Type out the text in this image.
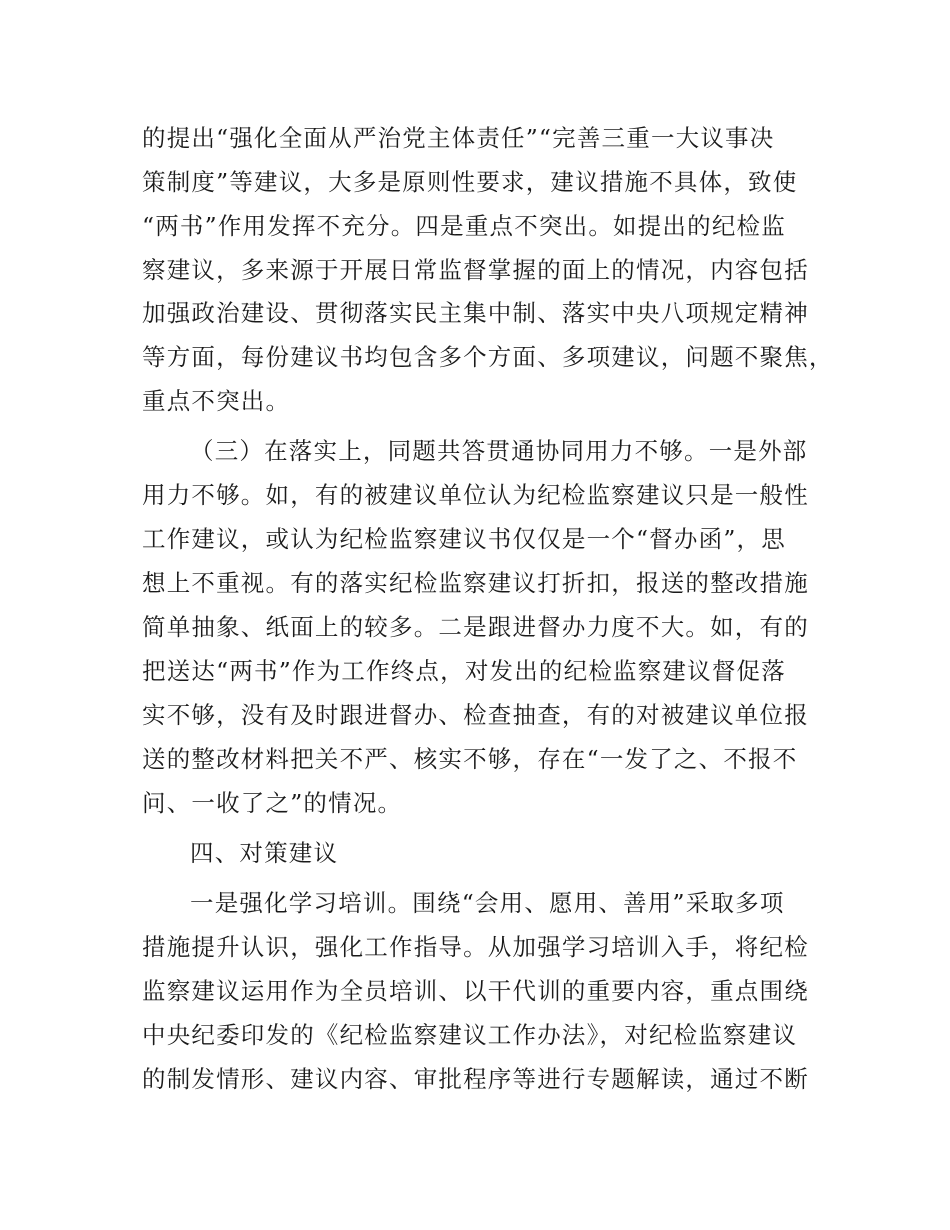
的提出“强化全面从严治党主体责任”“完善三重一大议事决
策制度”等建议，大多是原则性要求，建议措施不具体，致使
“两书”作用发挥不充分。四是重点不突出。如提出的纪检监
察建议，多来源于开展日常监督掌握的面上的情况，内容包括
加强政治建设、贯彻落实民主集中制、落实中央八项规定精神
等方面，每份建议书均包含多个方面、多项建议，问题不聚焦，
重点不突出。
（三）在落实上，同题共答贯通协同用力不够。一是外部
用力不够。如，有的被建议单位认为纪检监察建议只是一般性
工作建议，或认为纪检监察建议书仅仅是一个“督办函”，思
想上不重视。有的落实纪检监察建议打折扣，报送的整改措施
简单抽象、纸面上的较多。二是跟进督办力度不大。如，有的
把送达“两书”作为工作终点，对发出的纪检监察建议督促落
实不够，没有及时跟进督办、检查抽查，有的对被建议单位报
送的整改材料把关不严、核实不够，存在“一发了之、不报不
问、一收了之”的情况。
四、对策建议
一是强化学习培训。围绕“会用、愿用、善用”采取多项
措施提升认识，强化工作指导。从加强学习培训入手，将纪检
监察建议运用作为全员培训、以干代训的重要内容，重点围绕
中央纪委印发的《纪检监察建议工作办法》，对纪检监察建议
的制发情形、建议内容、审批程序等进行专题解读，通过不断
